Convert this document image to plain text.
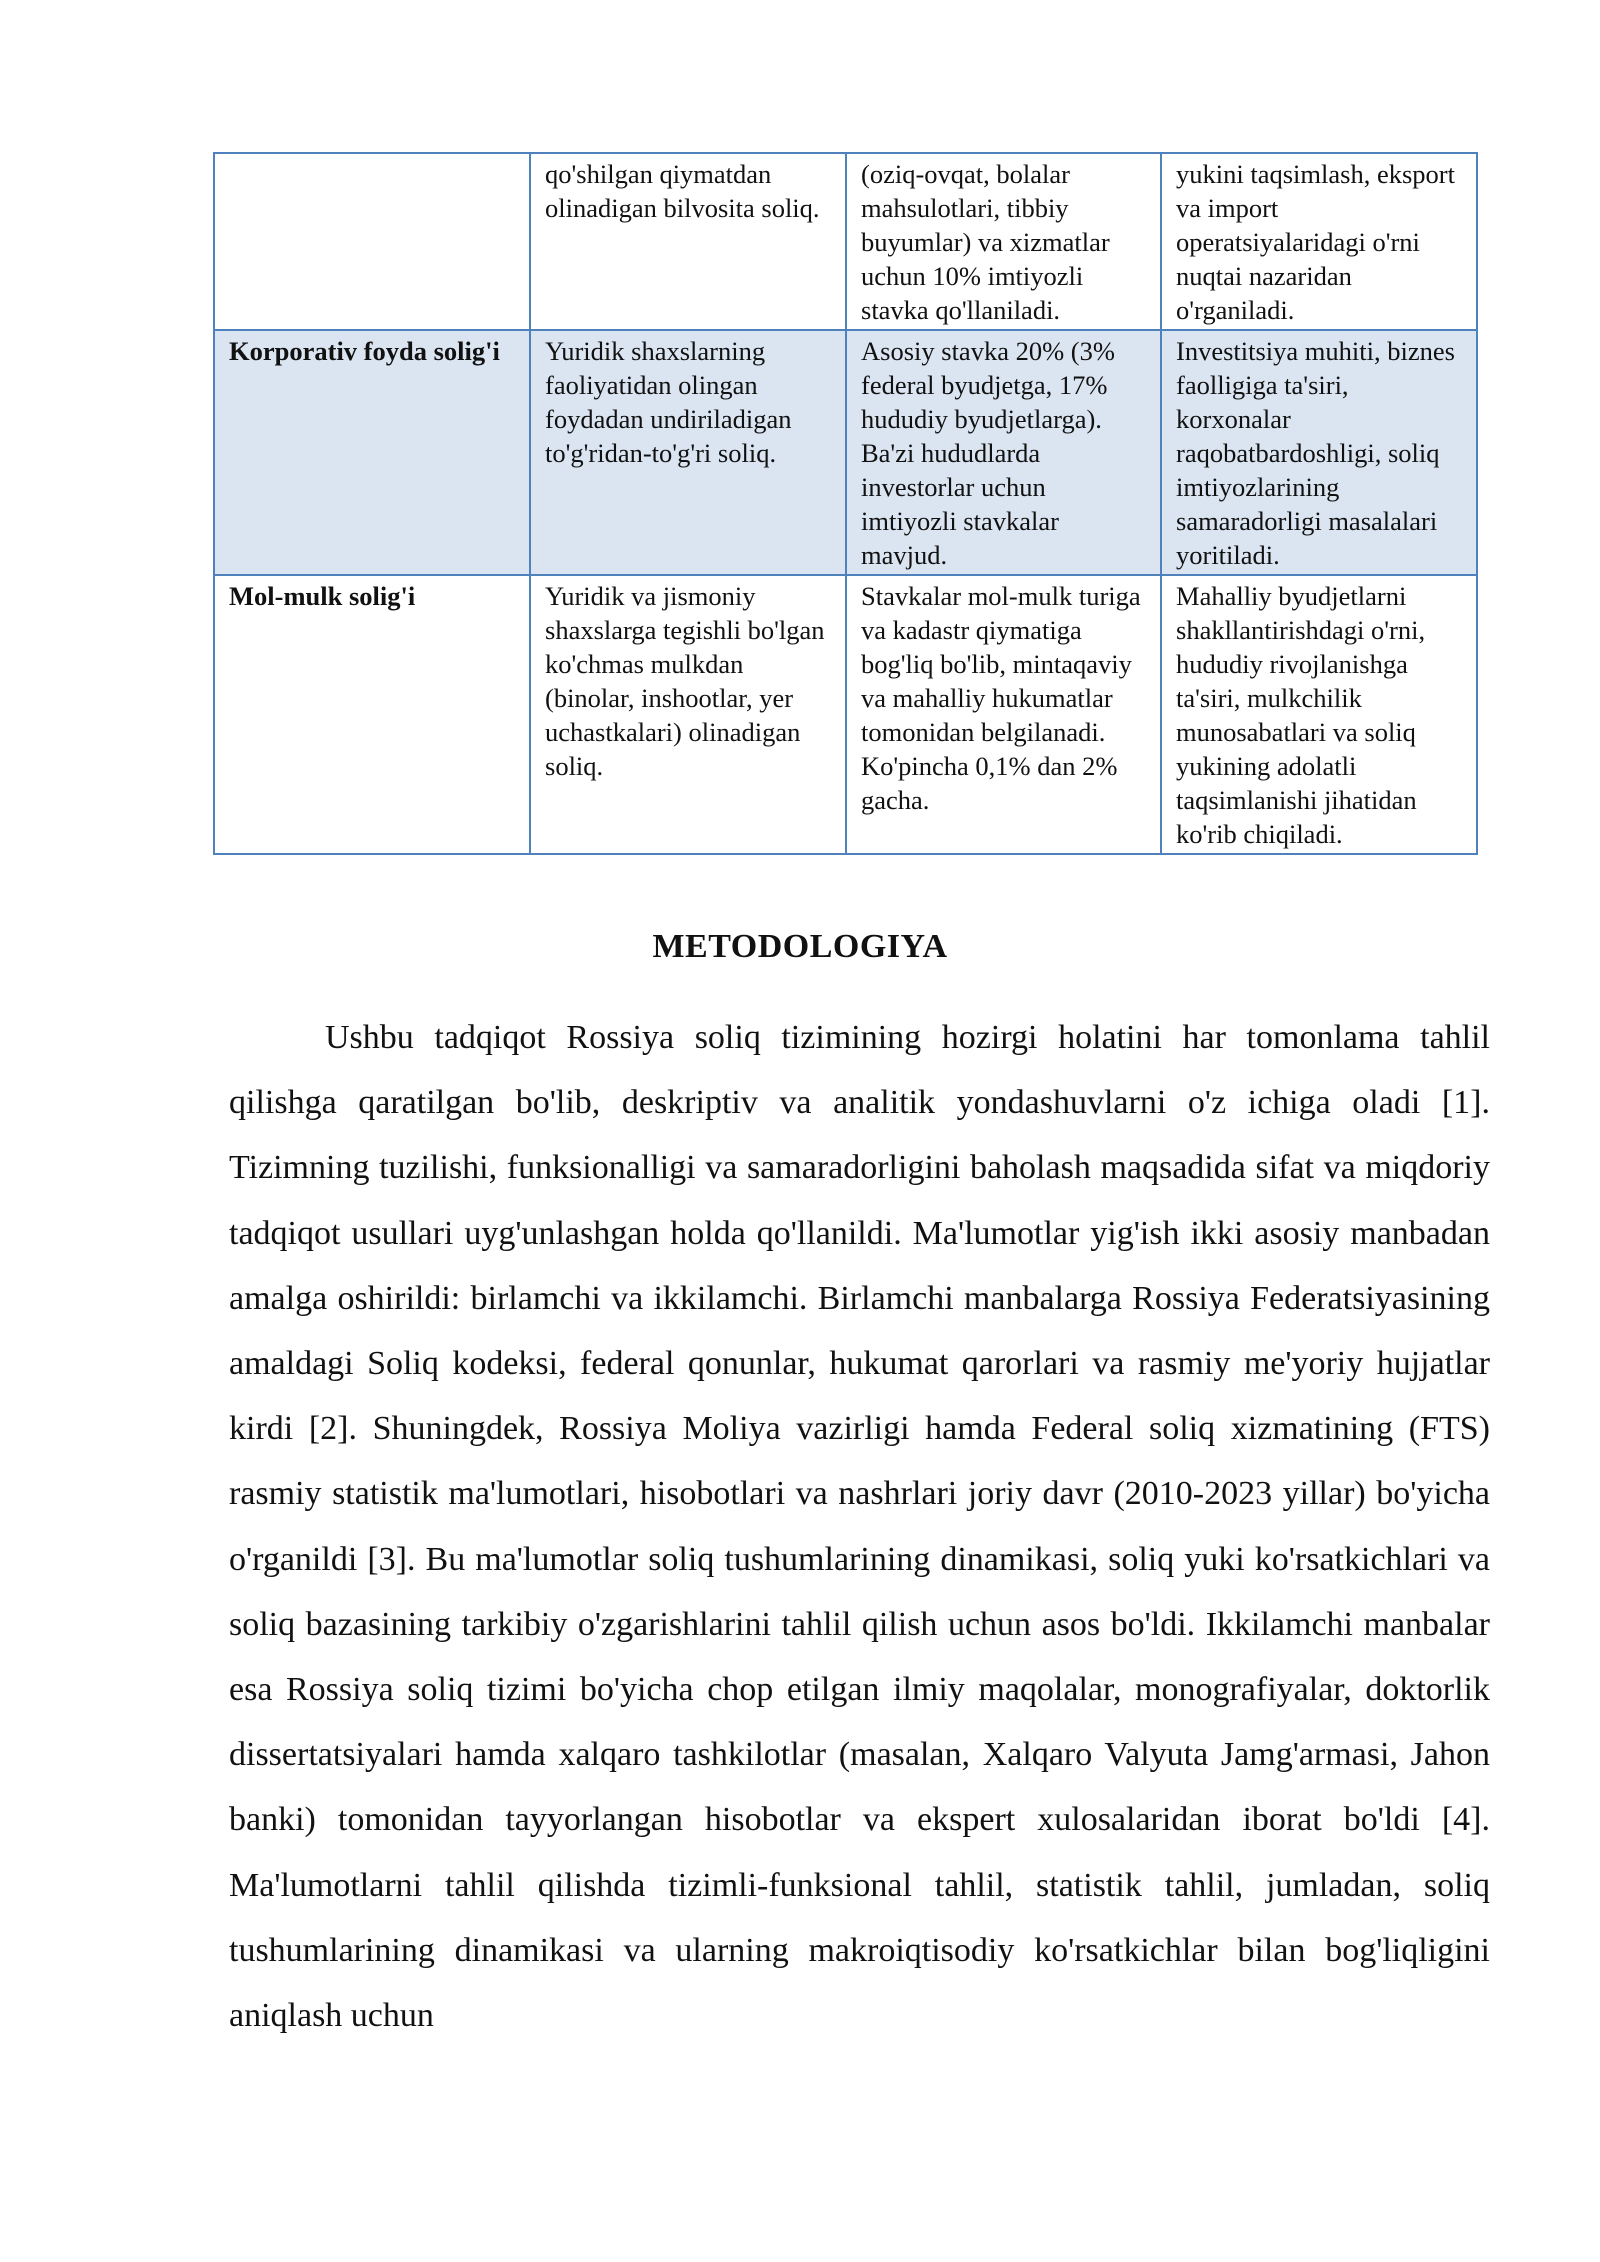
	qo'shilgan qiymatdan olinadigan bilvosita soliq.	(oziq-ovqat, bolalar mahsulotlari, tibbiy buyumlar) va xizmatlar uchun 10% imtiyozli stavka qo'llaniladi.	yukini taqsimlash, eksport va import operatsiyalaridagi o'rni nuqtai nazaridan o'rganiladi.
Korporativ foyda solig'i	Yuridik shaxslarning faoliyatidan olingan foydadan undiriladigan to'g'ridan-to'g'ri soliq.	Asosiy stavka 20% (3% federal byudjetga, 17% hududiy byudjetlarga). Ba'zi hududlarda investorlar uchun imtiyozli stavkalar mavjud.	Investitsiya muhiti, biznes faolligiga ta'siri, korxonalar raqobatbardoshligi, soliq imtiyozlarining samaradorligi masalalari yoritiladi.
Mol-mulk solig'i	Yuridik va jismoniy shaxslarga tegishli bo'lgan ko'chmas mulkdan (binolar, inshootlar, yer uchastkalari) olinadigan soliq.	Stavkalar mol-mulk turiga va kadastr qiymatiga bog'liq bo'lib, mintaqaviy va mahalliy hukumatlar tomonidan belgilanadi. Ko'pincha 0,1% dan 2% gacha.	Mahalliy byudjetlarni shakllantirishdagi o'rni, hududiy rivojlanishga ta'siri, mulkchilik munosabatlari va soliq yukining adolatli taqsimlanishi jihatidan ko'rib chiqiladi.
METODOLOGIYA

Ushbu tadqiqot Rossiya soliq tizimining hozirgi holatini har tomonlama tahlil qilishga qaratilgan bo'lib, deskriptiv va analitik yondashuvlarni o'z ichiga oladi [1]. Tizimning tuzilishi, funksionalligi va samaradorligini baholash maqsadida sifat va miqdoriy tadqiqot usullari uyg'unlashgan holda qo'llanildi. Ma'lumotlar yig'ish ikki asosiy manbadan amalga oshirildi: birlamchi va ikkilamchi. Birlamchi manbalarga Rossiya Federatsiyasining amaldagi Soliq kodeksi, federal qonunlar, hukumat qarorlari va rasmiy me'yoriy hujjatlar kirdi [2]. Shuningdek, Rossiya Moliya vazirligi hamda Federal soliq xizmatining (FTS) rasmiy statistik ma'lumotlari, hisobotlari va nashrlari joriy davr (2010-2023 yillar) bo'yicha o'rganildi [3]. Bu ma'lumotlar soliq tushumlarining dinamikasi, soliq yuki ko'rsatkichlari va soliq bazasining tarkibiy o'zgarishlarini tahlil qilish uchun asos bo'ldi. Ikkilamchi manbalar esa Rossiya soliq tizimi bo'yicha chop etilgan ilmiy maqolalar, monografiyalar, doktorlik dissertatsiyalari hamda xalqaro tashkilotlar (masalan, Xalqaro Valyuta Jamg'armasi, Jahon banki) tomonidan tayyorlangan hisobotlar va ekspert xulosalaridan iborat bo'ldi [4]. Ma'lumotlarni tahlil qilishda tizimli-funksional tahlil, statistik tahlil, jumladan, soliq tushumlarining dinamikasi va ularning makroiqtisodiy ko'rsatkichlar bilan bog'liqligini aniqlash uchun
